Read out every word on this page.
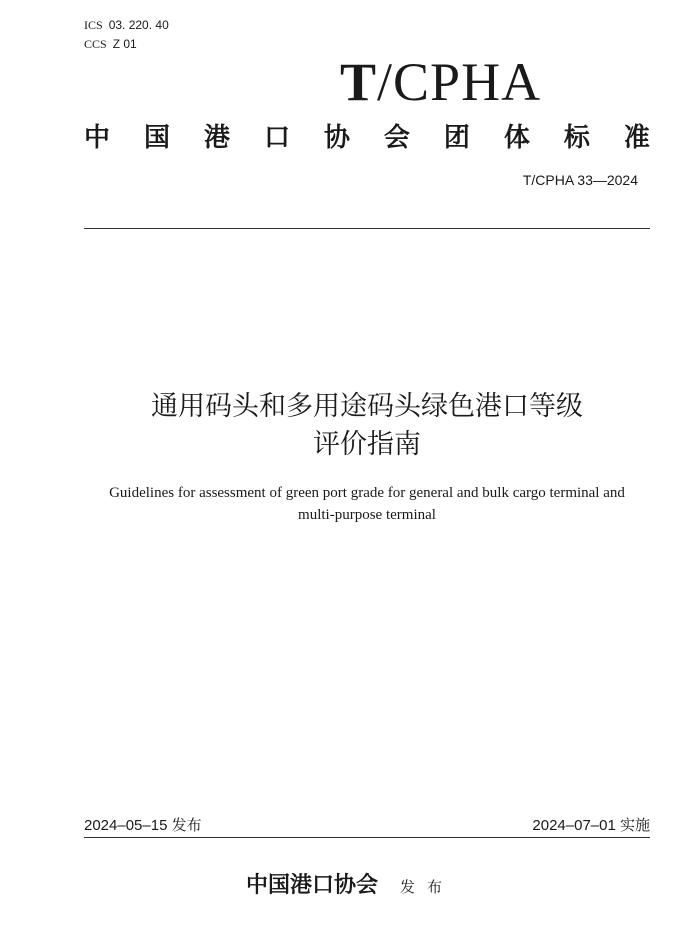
ICS 03. 220. 40
CCS Z 01
T/CPHA
中 国 港 口 协 会 团 体 标 准
T/CPHA 33—2024
通用码头和多用途码头绿色港口等级
评价指南
Guidelines for assessment of green port grade for general and bulk cargo terminal and
multi-purpose terminal
2024–05–15 发布	2024–07–01 实施
中国港口协会 发布
